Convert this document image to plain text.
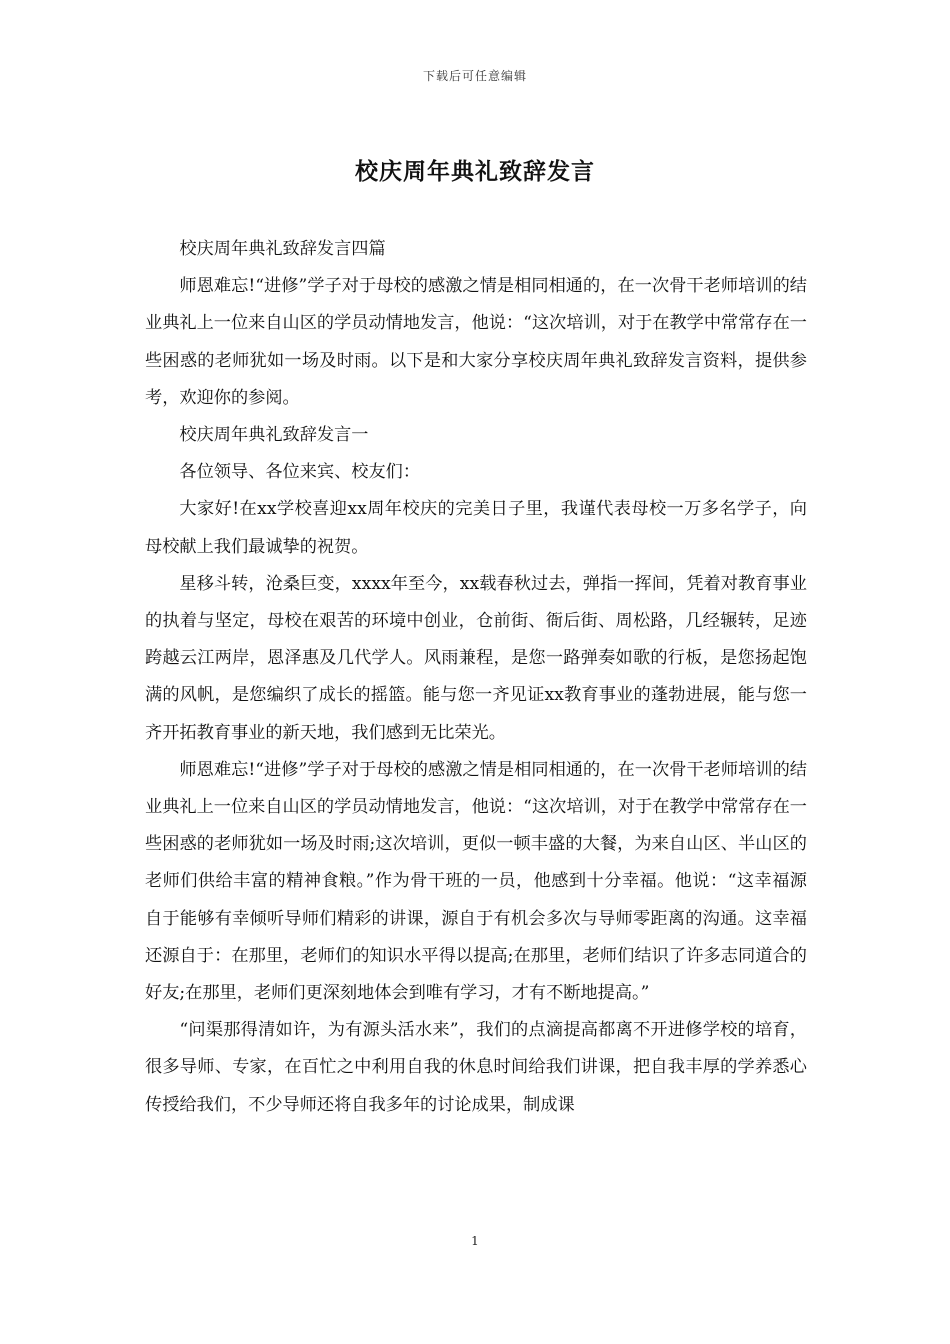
下载后可任意编辑
校庆周年典礼致辞发言

校庆周年典礼致辞发言四篇

师恩难忘!“进修”学子对于母校的感激之情是相同相通的，在一次骨干老师培训的结业典礼上一位来自山区的学员动情地发言，他说：“这次培训，对于在教学中常常存在一些困惑的老师犹如一场及时雨。以下是和大家分享校庆周年典礼致辞发言资料，提供参考，欢迎你的参阅。

校庆周年典礼致辞发言一

各位领导、各位来宾、校友们：

大家好!在xx学校喜迎xx周年校庆的完美日子里，我谨代表母校一万多名学子，向母校献上我们最诚挚的祝贺。

星移斗转，沧桑巨变，xxxx年至今，xx载春秋过去，弹指一挥间，凭着对教育事业的执着与坚定，母校在艰苦的环境中创业，仓前街、衙后街、周松路，几经辗转，足迹跨越云江两岸，恩泽惠及几代学人。风雨兼程，是您一路弹奏如歌的行板，是您扬起饱满的风帆，是您编织了成长的摇篮。能与您一齐见证xx教育事业的蓬勃进展，能与您一齐开拓教育事业的新天地，我们感到无比荣光。

师恩难忘!“进修”学子对于母校的感激之情是相同相通的，在一次骨干老师培训的结业典礼上一位来自山区的学员动情地发言，他说：“这次培训，对于在教学中常常存在一些困惑的老师犹如一场及时雨;这次培训，更似一顿丰盛的大餐，为来自山区、半山区的老师们供给丰富的精神食粮。”作为骨干班的一员，他感到十分幸福。他说：“这幸福源自于能够有幸倾听导师们精彩的讲课，源自于有机会多次与导师零距离的沟通。这幸福还源自于：在那里，老师们的知识水平得以提高;在那里，老师们结识了许多志同道合的好友;在那里，老师们更深刻地体会到唯有学习，才有不断地提高。”

“问渠那得清如许，为有源头活水来”，我们的点滴提高都离不开进修学校的培育，很多导师、专家，在百忙之中利用自我的休息时间给我们讲课，把自我丰厚的学养悉心传授给我们，不少导师还将自我多年的讨论成果，制成课

1
